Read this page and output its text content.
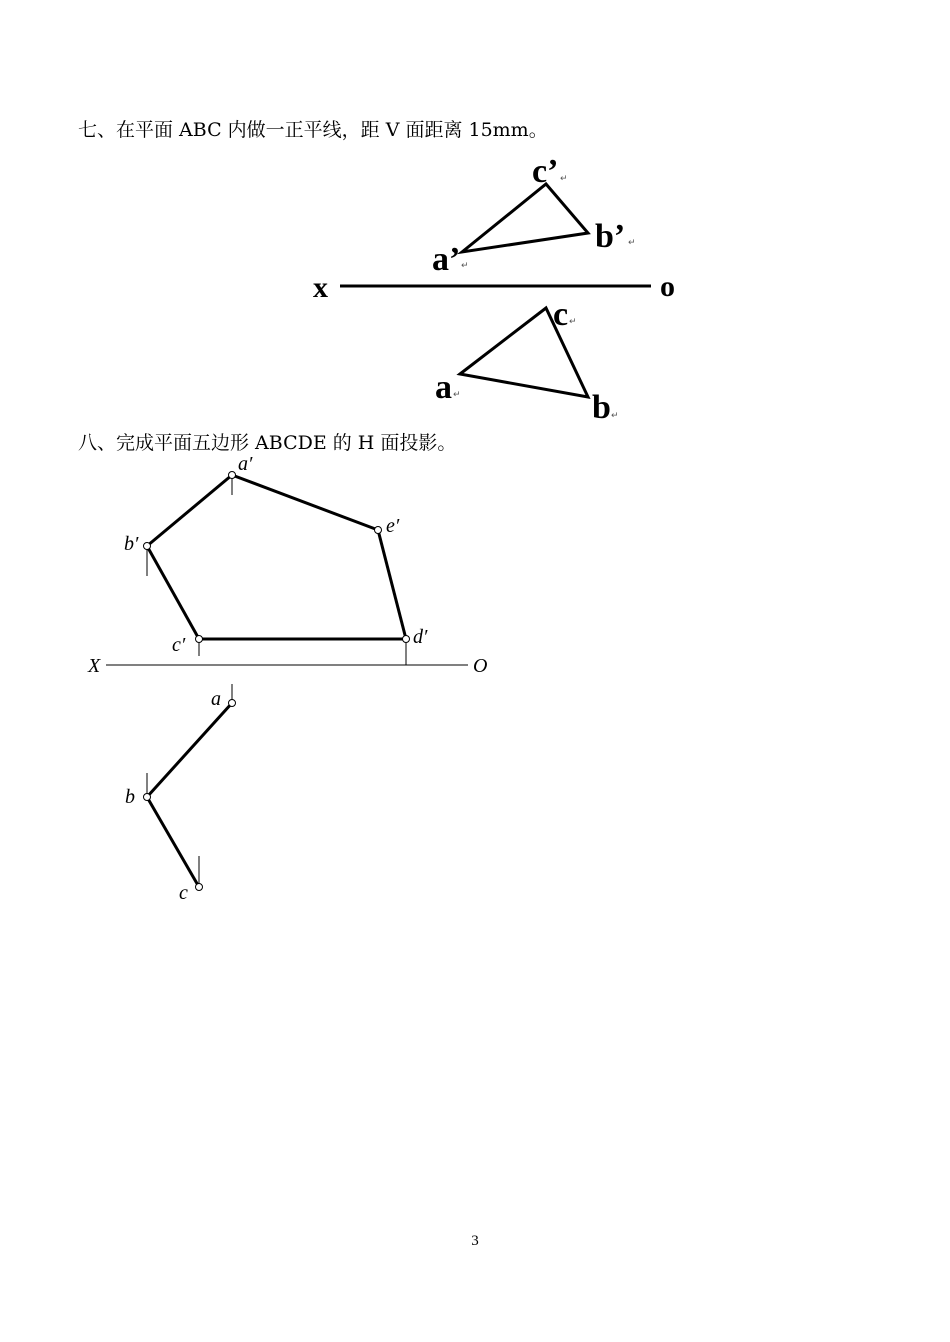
七、在平面 ABC 内做一正平线，距 V 面距离 15mm。
c’ ↵
b’ ↵
a’ ↵
x	o
c ↵
a ↵	b ↵
八、完成平面五边形 ABCDE 的 H 面投影。
a′
e′
b′
c′	d′
X	O
a
b
c
3
